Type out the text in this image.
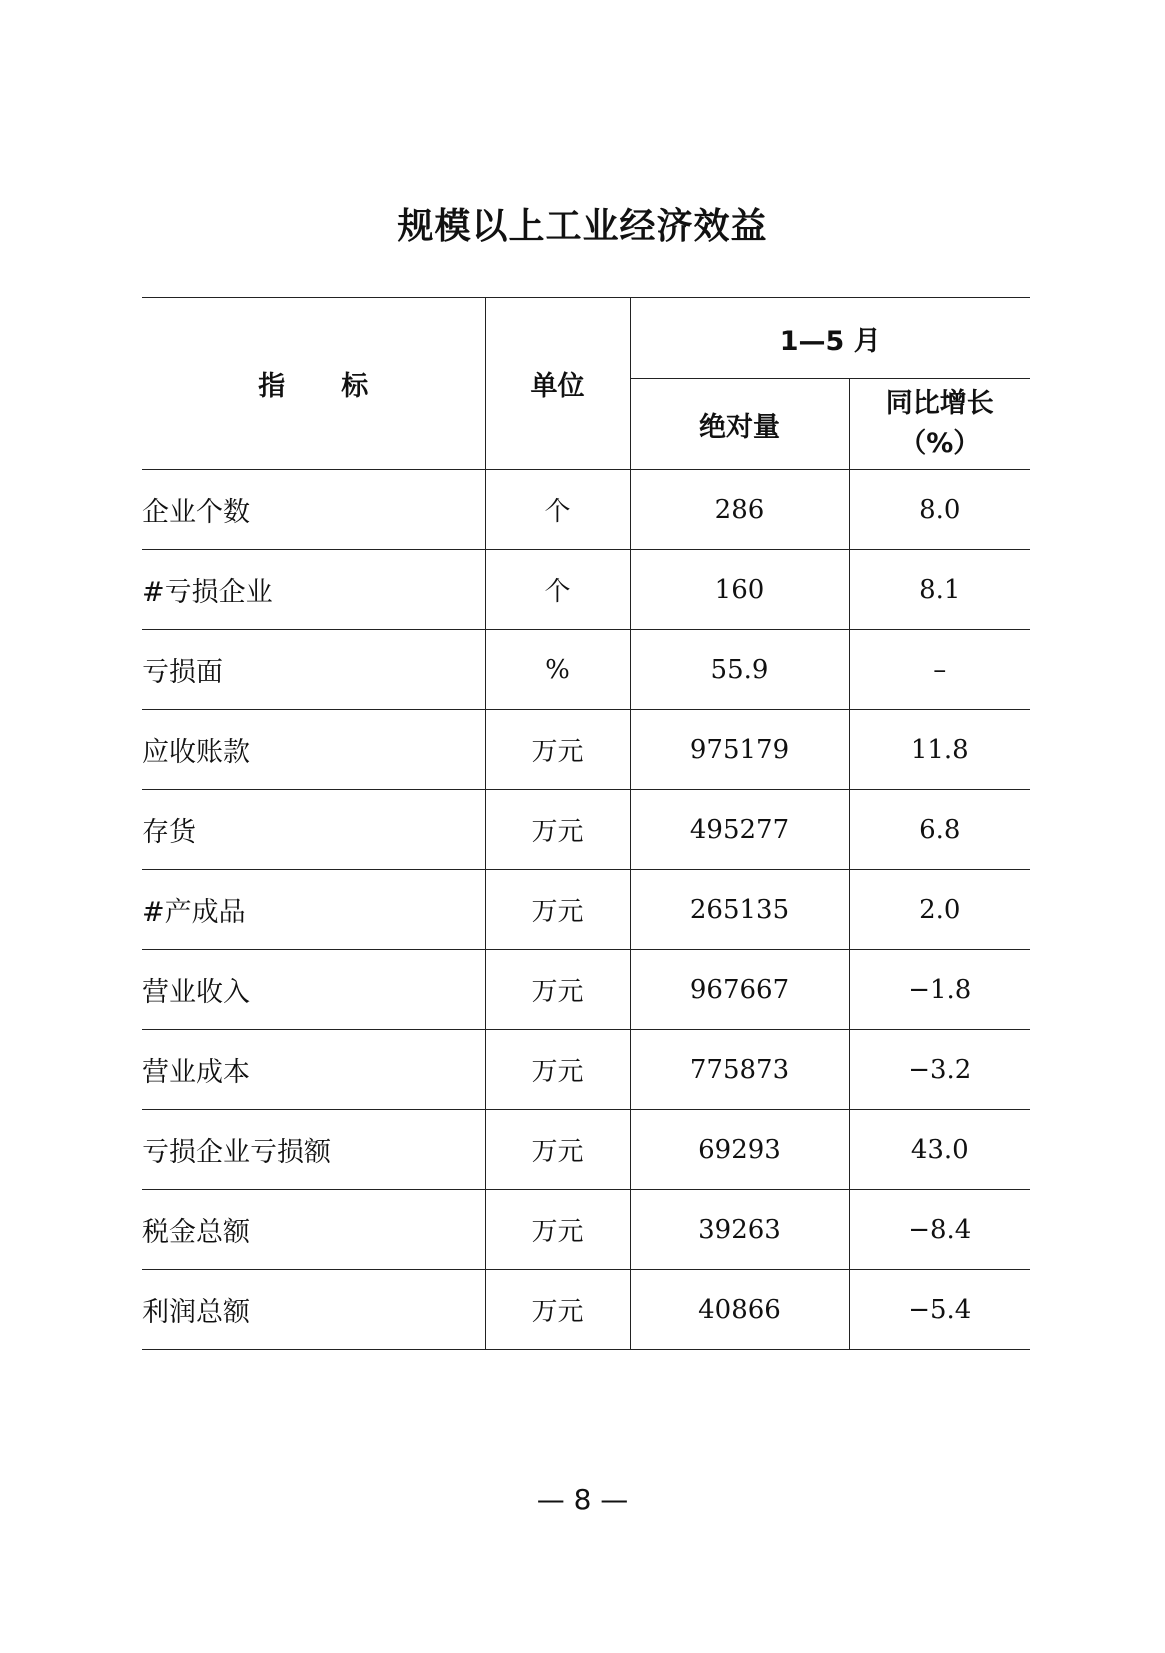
规模以上工业经济效益
指 标	单位	1—5 月	
		绝对量	同比增长
（%）

企业个数	个	286	8.0
#亏损企业	个	160	8.1
亏损面	%	55.9	–
应收账款	万元	975179	11.8
存货	万元	495277	6.8
#产成品	万元	265135	2.0
营业收入	万元	967667	−1.8
营业成本	万元	775873	−3.2
亏损企业亏损额	万元	69293	43.0
税金总额	万元	39263	−8.4
利润总额	万元	40866	−5.4
— 8 —
